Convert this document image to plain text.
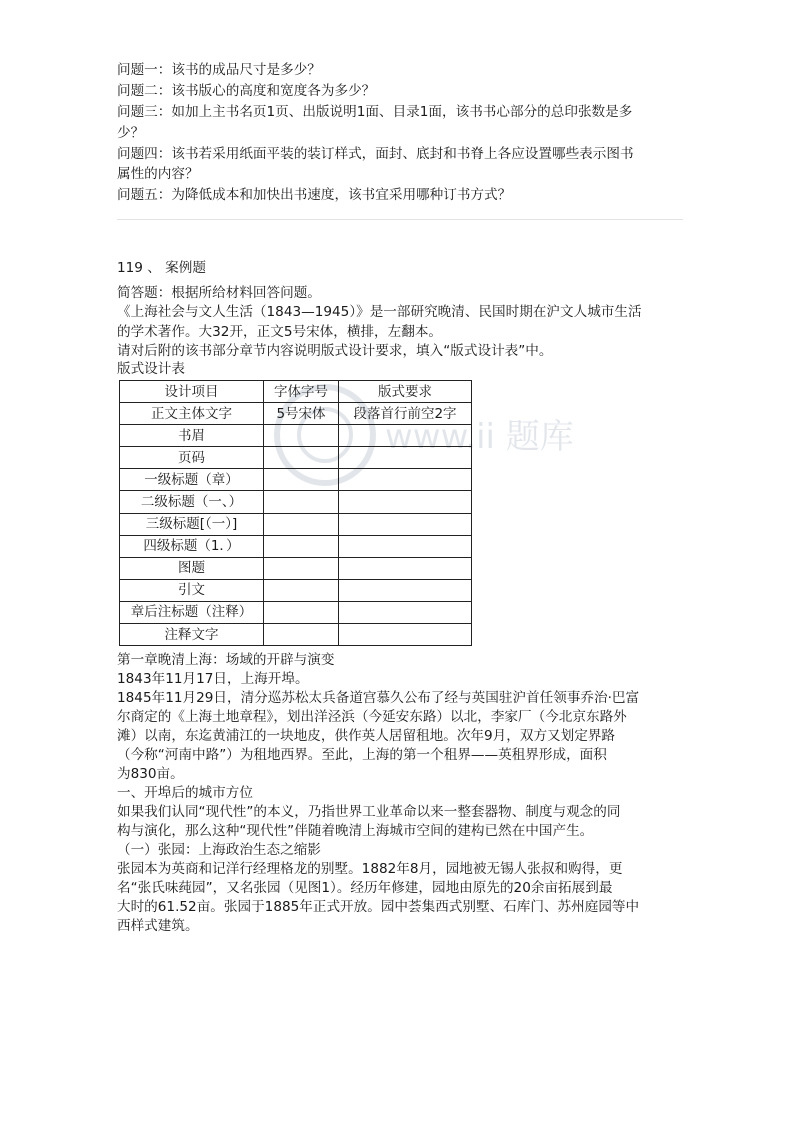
问题一：该书的成品尺寸是多少？
问题二：该书版心的高度和宽度各为多少？
问题三：如加上主书名页1页、出版说明1面、目录1面，该书书心部分的总印张数是多
少？
问题四：该书若采用纸面平装的装订样式，面封、底封和书脊上各应设置哪些表示图书
属性的内容？
问题五：为降低成本和加快出书速度，该书宜采用哪种订书方式？
119 、 案例题
简答题：根据所给材料回答问题。
《上海社会与文人生活（1843—1945）》是一部研究晚清、民国时期在沪文人城市生活
的学术著作。大32开，正文5号宋体，横排，左翻本。
请对后附的该书部分章节内容说明版式设计要求，填入“版式设计表”中。
版式设计表
www.ii 题库
设计项目	字体字号	版式要求
正文主体文字	5号宋体	段落首行前空2字
书眉		
页码		
一级标题（章）		
二级标题（一、）		
三级标题[（一）]		
四级标题（1．）		
图题		
引文		
章后注标题（注释）		
注释文字		
第一章晚清上海：场域的开辟与演变
1843年11月17日，上海开埠。
1845年11月29日，清分巡苏松太兵备道宫慕久公布了经与英国驻沪首任领事乔治·巴富
尔商定的《上海土地章程》，划出洋泾浜（今延安东路）以北，李家厂（今北京东路外
滩）以南，东迄黄浦江的一块地皮，供作英人居留租地。次年9月，双方又划定界路
（今称“河南中路”）为租地西界。至此，上海的第一个租界——英租界形成，面积
为830亩。
一、开埠后的城市方位
如果我们认同“现代性”的本义，乃指世界工业革命以来一整套器物、制度与观念的同
构与演化，那么这种“现代性”伴随着晚清上海城市空间的建构已然在中国产生。
（一）张园：上海政治生态之缩影
张园本为英商和记洋行经理格龙的别墅。1882年8月，园地被无锡人张叔和购得，更
名“张氏味莼园”，又名张园（见图1）。经历年修建，园地由原先的20余亩拓展到最
大时的61.52亩。张园于1885年正式开放。园中荟集西式别墅、石库门、苏州庭园等中
西样式建筑。
